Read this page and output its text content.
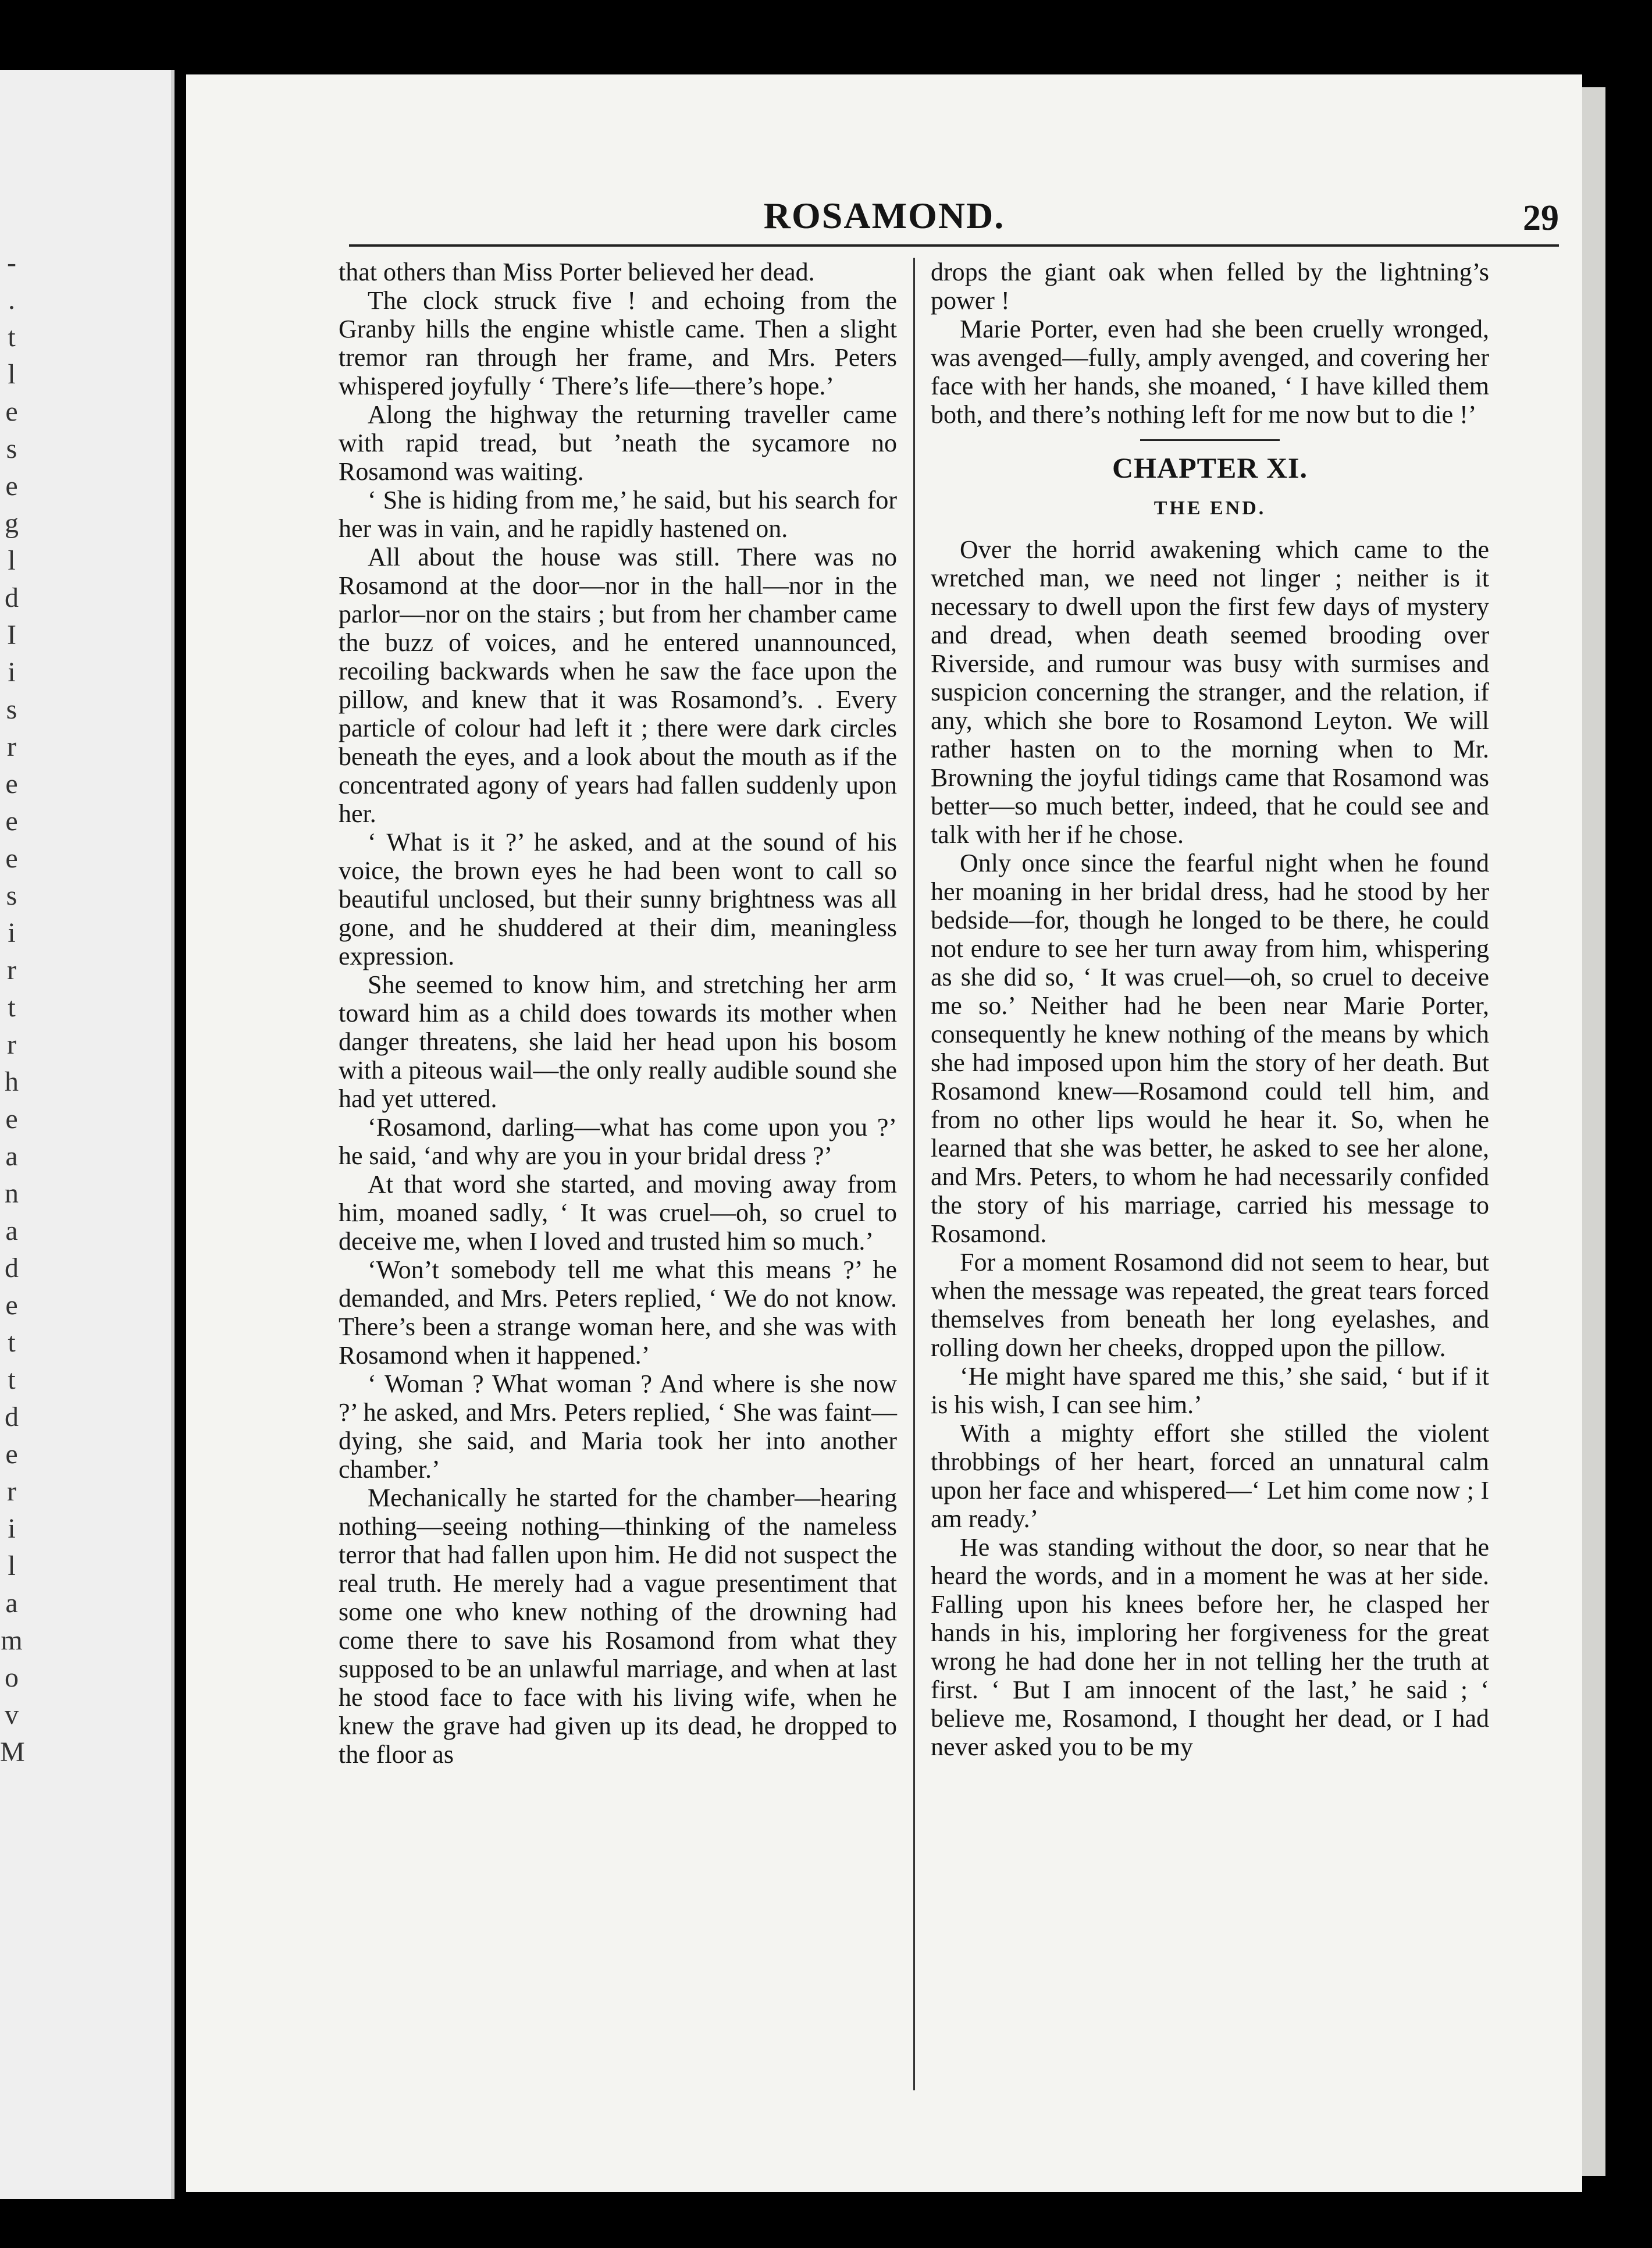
-
.
t
l
e
s
e
g
l
d
I
i
s
r
e
e
e
s
i
r
t
r
h
e
a
n
a
d
e
t
t
d
e
r
i
l
a
m
o
v
M
ROSAMOND.	29

that others than Miss Porter believed her dead.

The clock struck five ! and echoing from the Granby hills the engine whistle came. Then a slight tremor ran through her frame, and Mrs. Peters whispered joyfully ‘ There’s life—there’s hope.’

Along the highway the returning traveller came with rapid tread, but ’neath the sycamore no Rosamond was waiting.

‘ She is hiding from me,’ he said, but his search for her was in vain, and he rapidly hastened on.

All about the house was still. There was no Rosamond at the door—nor in the hall—nor in the parlor—nor on the stairs ; but from her chamber came the buzz of voices, and he entered unannounced, recoiling backwards when he saw the face upon the pillow, and knew that it was Rosamond’s. . Every particle of colour had left it ; there were dark circles beneath the eyes, and a look about the mouth as if the concentrated agony of years had fallen suddenly upon her.

‘ What is it ?’ he asked, and at the sound of his voice, the brown eyes he had been wont to call so beautiful unclosed, but their sunny brightness was all gone, and he shuddered at their dim, meaningless expression.

She seemed to know him, and stretching her arm toward him as a child does towards its mother when danger threatens, she laid her head upon his bosom with a piteous wail—the only really audible sound she had yet uttered.

‘Rosamond, darling—what has come upon you ?’ he said, ‘and why are you in your bridal dress ?’

At that word she started, and moving away from him, moaned sadly, ‘ It was cruel—oh, so cruel to deceive me, when I loved and trusted him so much.’

‘Won’t somebody tell me what this means ?’ he demanded, and Mrs. Peters replied, ‘ We do not know. There’s been a strange woman here, and she was with Rosamond when it happened.’

‘ Woman ? What woman ? And where is she now ?’ he asked, and Mrs. Peters replied, ‘ She was faint—dying, she said, and Maria took her into another chamber.’

Mechanically he started for the chamber—hearing nothing—seeing nothing—thinking of the nameless terror that had fallen upon him. He did not suspect the real truth. He merely had a vague presentiment that some one who knew nothing of the drowning had come there to save his Rosamond from what they supposed to be an unlawful marriage, and when at last he stood face to face with his living wife, when he knew the grave had given up its dead, he dropped to the floor as

drops the giant oak when felled by the lightning’s power !

Marie Porter, even had she been cruelly wronged, was avenged—fully, amply avenged, and covering her face with her hands, she moaned, ‘ I have killed them both, and there’s nothing left for me now but to die !’

CHAPTER XI.
THE END.

Over the horrid awakening which came to the wretched man, we need not linger ; neither is it necessary to dwell upon the first few days of mystery and dread, when death seemed brooding over Riverside, and rumour was busy with surmises and suspicion concerning the stranger, and the relation, if any, which she bore to Rosamond Leyton. We will rather hasten on to the morning when to Mr. Browning the joyful tidings came that Rosamond was better—so much better, indeed, that he could see and talk with her if he chose.

Only once since the fearful night when he found her moaning in her bridal dress, had he stood by her bedside—for, though he longed to be there, he could not endure to see her turn away from him, whispering as she did so, ‘ It was cruel—oh, so cruel to deceive me so.’ Neither had he been near Marie Porter, consequently he knew nothing of the means by which she had imposed upon him the story of her death. But Rosamond knew—Rosamond could tell him, and from no other lips would he hear it. So, when he learned that she was better, he asked to see her alone, and Mrs. Peters, to whom he had necessarily confided the story of his marriage, carried his message to Rosamond.

For a moment Rosamond did not seem to hear, but when the message was repeated, the great tears forced themselves from beneath her long eyelashes, and rolling down her cheeks, dropped upon the pillow.

‘He might have spared me this,’ she said, ‘ but if it is his wish, I can see him.’

With a mighty effort she stilled the violent throbbings of her heart, forced an unnatural calm upon her face and whispered—‘ Let him come now ; I am ready.’

He was standing without the door, so near that he heard the words, and in a moment he was at her side. Falling upon his knees before her, he clasped her hands in his, imploring her forgiveness for the great wrong he had done her in not telling her the truth at first. ‘ But I am innocent of the last,’ he said ; ‘ believe me, Rosamond, I thought her dead, or I had never asked you to be my
